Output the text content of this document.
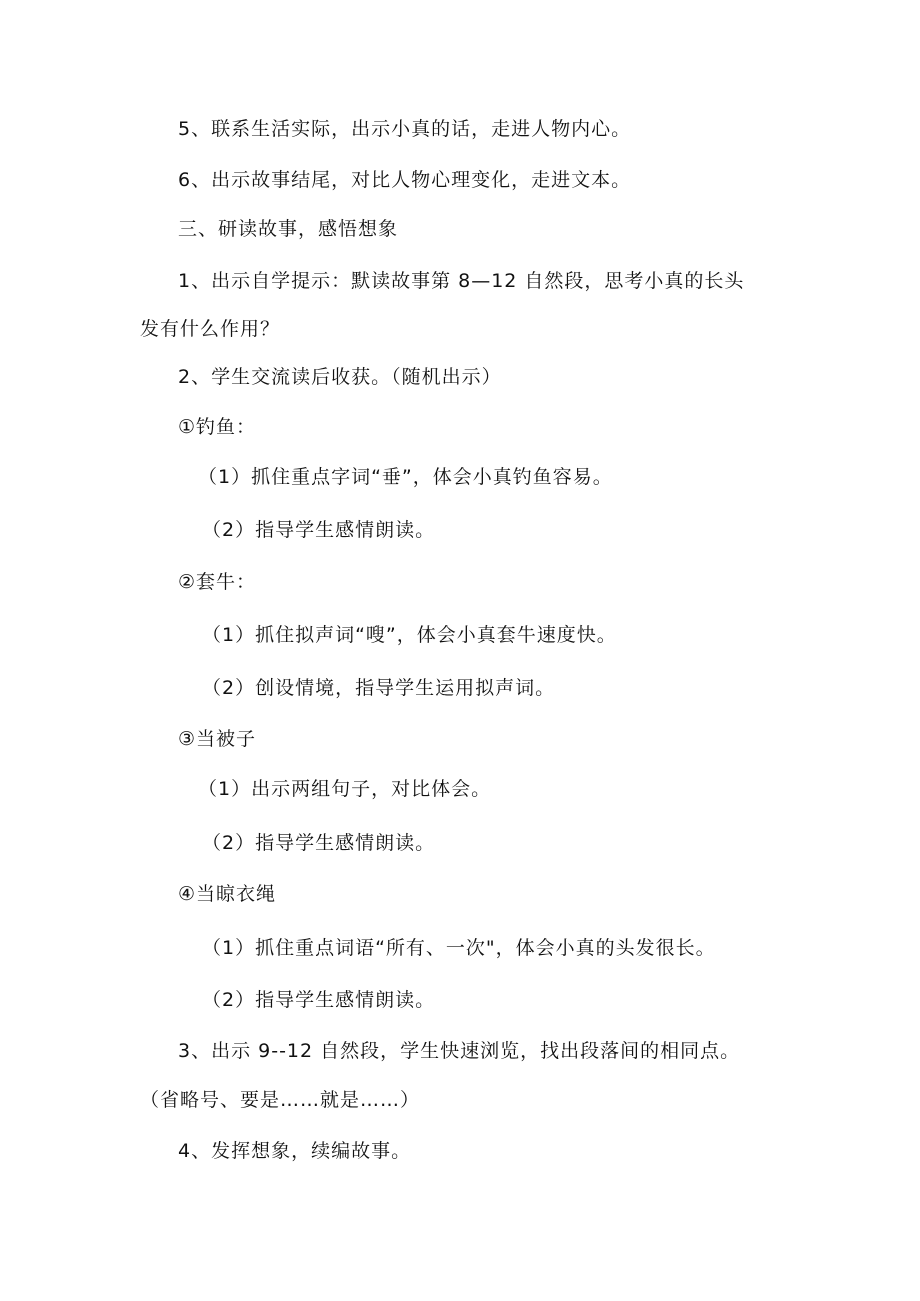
5、联系生活实际，出示小真的话，走进人物内心。
6、出示故事结尾，对比人物心理变化，走进文本。
三、研读故事，感悟想象
1、出示自学提示：默读故事第 8—12 自然段，思考小真的长头
发有什么作用？
2、学生交流读后收获。（随机出示）
①钓鱼：
（1）抓住重点字词“垂”，体会小真钓鱼容易。
（2）指导学生感情朗读。
②套牛：
（1）抓住拟声词“嗖”，体会小真套牛速度快。
（2）创设情境，指导学生运用拟声词。
③当被子
（1）出示两组句子，对比体会。
（2）指导学生感情朗读。
④当晾衣绳
（1）抓住重点词语“所有、一次"，体会小真的头发很长。
（2）指导学生感情朗读。
3、出示 9--12 自然段，学生快速浏览，找出段落间的相同点。
（省略号、要是……就是……）
4、发挥想象，续编故事。
